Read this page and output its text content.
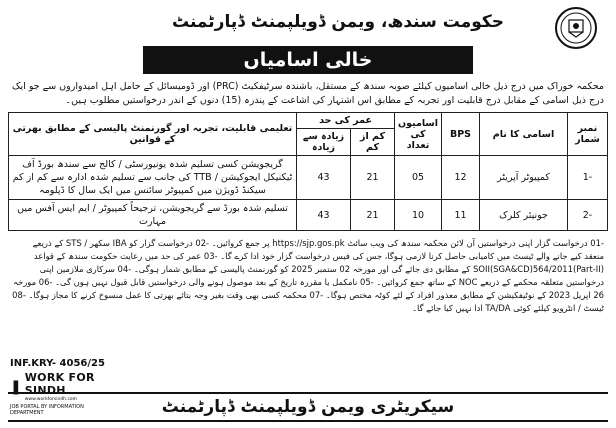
حکومت سندھ، ویمن ڈویلپمنٹ ڈپارٹمنٹ
خالی اسامیاں
محکمہ خوراک میں درج ذیل خالی اسامیوں کیلئے صوبہ سندھ کے مستقل، باشندہ سرٹیفکیٹ (PRC) اور ڈومیسائل کے حامل اہل امیدواروں سے جو ایک درج ذیل اسامی کے مقابل درج قابلیت اور تجربہ کے مطابق اس اشتہار کی اشاعت کے پندرہ (15) دنوں کے اندر درخواستیں مطلوب ہیں۔
نمبر شمار	اسامی کا نام	BPS	اسامیوں کی تعداد	عمر کی حد		تعلیمی قابلیت، تجربہ اور گورنمنٹ پالیسی کے مطابق بھرتی کے قوانین
				کم از کم	زیادہ سے زیادہ	
-1	کمپیوٹر آپریٹر	12	05	21	43	گریجویشن کسی تسلیم شدہ یونیورسٹی / کالج سے سندھ بورڈ آف ٹیکنیکل ایجوکیشن / TTB کی جانب سے تسلیم شدہ ادارہ سے کم از کم سیکنڈ ڈویژن میں کمپیوٹر سائنس میں ایک سال کا ڈپلومہ
-2	جونیئر کلرک	11	10	21	43	تسلیم شدہ بورڈ سے گریجویشن، ترجیحاً کمپیوٹر / ایم ایس آفس میں مہارت
-01 درخواست گزار اپنی درخواستیں آن لائن محکمہ سندھ کی ویب سائٹ https://sjp.gos.pk پر جمع کروائیں۔ -02 درخواست گزار کو IBA سکھر / STS کے ذریعے منعقد کیے جانے والے ٹیسٹ میں کامیابی حاصل کرنا لازمی ہوگا، جس کی فیس درخواست گزار خود ادا کرے گا۔ -03 عمر کی حد میں رعایت حکومت سندھ کے قواعد SOII(SGA&CD)564/2011(Part-II) کے مطابق دی جائے گی اور مورخہ 02 ستمبر 2025 کو گورنمنٹ پالیسی کے مطابق شمار ہوگی۔ -04 سرکاری ملازمین اپنی درخواستیں متعلقہ محکمے کے ذریعے NOC کے ساتھ جمع کروائیں۔ -05 نامکمل یا مقررہ تاریخ کے بعد موصول ہونے والی درخواستیں قابل قبول نہیں ہوں گی۔ -06 مورخہ 26 اپریل 2023 کے نوٹیفکیشن کے مطابق معذور افراد کے لئے کوٹہ مختص ہوگا۔ -07 محکمہ کسی بھی وقت بغیر وجہ بتائے بھرتی کا عمل منسوخ کرنے کا مجاز ہوگا۔ -08 ٹیسٹ / انٹرویو کیلئے کوئی TA/DA ادا نہیں کیا جائے گا۔
INF.KRY- 4056/25
❚
WORK FOR SINDH
www.workforsindh.com
JOB PORTAL BY INFORMATION DEPARTMENT	سیکریٹری ویمن ڈویلپمنٹ ڈپارٹمنٹ
